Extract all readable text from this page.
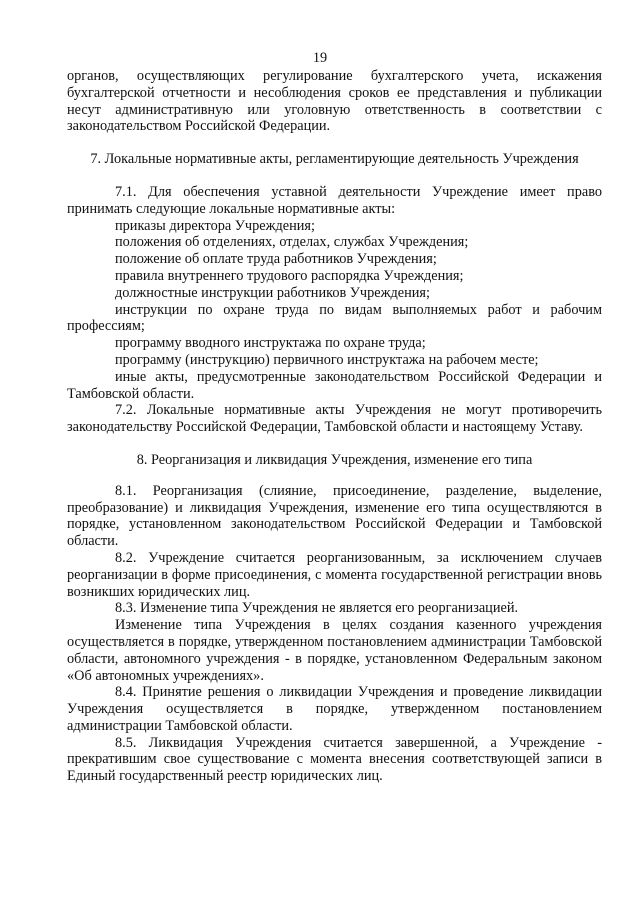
19

органов, осуществляющих регулирование бухгалтерского учета, искажения бухгалтерской отчетности и несоблюдения сроков ее представления и публикации несут административную или уголовную ответственность в соответствии с законодательством Российской Федерации.

7. Локальные нормативные акты, регламентирующие деятельность Учреждения

7.1. Для обеспечения уставной деятельности Учреждение имеет право принимать следующие локальные нормативные акты:

приказы директора Учреждения;

положения об отделениях, отделах, службах Учреждения;

положение об оплате труда работников Учреждения;

правила внутреннего трудового распорядка Учреждения;

должностные инструкции работников Учреждения;

инструкции по охране труда по видам выполняемых работ и рабочим профессиям;

программу вводного инструктажа по охране труда;

программу (инструкцию) первичного инструктажа на рабочем месте;

иные акты, предусмотренные законодательством Российской Федерации и Тамбовской области.

7.2. Локальные нормативные акты Учреждения не могут противоречить законодательству Российской Федерации, Тамбовской области и настоящему Уставу.

8. Реорганизация и ликвидация Учреждения, изменение его типа

8.1. Реорганизация (слияние, присоединение, разделение, выделение, преобразование) и ликвидация Учреждения, изменение его типа осуществляются в порядке, установленном законодательством Российской Федерации и Тамбовской области.

8.2. Учреждение считается реорганизованным, за исключением случаев реорганизации в форме присоединения, с момента государственной регистрации вновь возникших юридических лиц.

8.3. Изменение типа Учреждения не является его реорганизацией.

Изменение типа Учреждения в целях создания казенного учреждения осуществляется в порядке, утвержденном постановлением администрации Тамбовской области, автономного учреждения - в порядке, установленном Федеральным законом «Об автономных учреждениях».

8.4. Принятие решения о ликвидации Учреждения и проведение ликвидации Учреждения осуществляется в порядке, утвержденном постановлением администрации Тамбовской области.

8.5. Ликвидация Учреждения считается завершенной, а Учреждение - прекратившим свое существование с момента внесения соответствующей записи в Единый государственный реестр юридических лиц.
